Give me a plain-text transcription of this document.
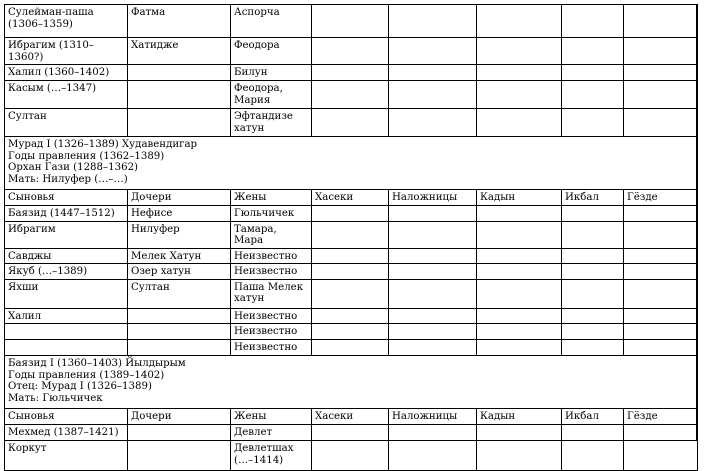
Сулейман-паша (1306–1359)	Фатма	Аспорча					
Ибрагим (1310–1360?)	Хатидже	Феодора					
Халил (1360–1402)		Билун					
Касым (…–1347)		Феодора, Мария					
Султан		Эфтандизе хатун					

Мурад I (1326–1389) Худавендигар
Годы правления (1362–1389)
Орхан Гази (1288–1362)
Мать: Нилуфер (…–…)							

Сыновья	Дочери	Жены	Хасеки	Наложницы	Кадын	Икбал	Гёзде
Баязид (1447–1512)	Нефисе	Гюльчичек					
Ибрагим	Нилуфер	Тамара, Мара					
Савджы	Мелек Хатун	Неизвестно					
Якуб (…–1389)	Озер хатун	Неизвестно					
Яхши	Султан	Паша Мелек хатун					
Халил		Неизвестно					
		Неизвестно					
		Неизвестно					

Баязид I (1360–1403) Йылдырым
Годы правления (1389–1402)
Отец: Мурад I (1326–1389)
Мать: Гюльчичек							

Сыновья	Дочери	Жены	Хасеки	Наложницы	Кадын	Икбал	Гёзде
Мехмед (1387–1421)		Девлет					
Коркут		Девлетшах (…–1414)					
